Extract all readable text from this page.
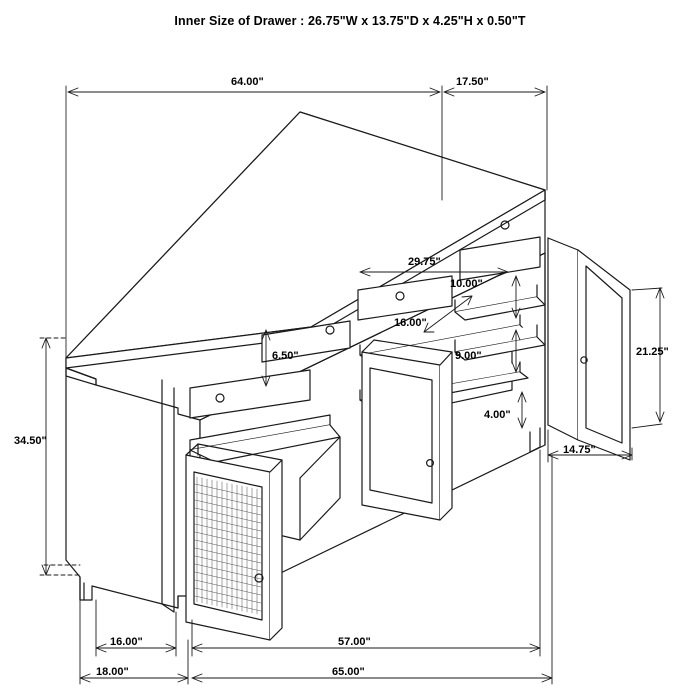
Inner Size of Drawer : 26.75"W x 13.75"D x 4.25"H x 0.50"T
64.00"	17.50"
29.75"
10.00"
16.00"
9.00"	21.25"
4.00"
14.75"
6.50"
34.50"
16.00"	57.00"
18.00"	65.00"
